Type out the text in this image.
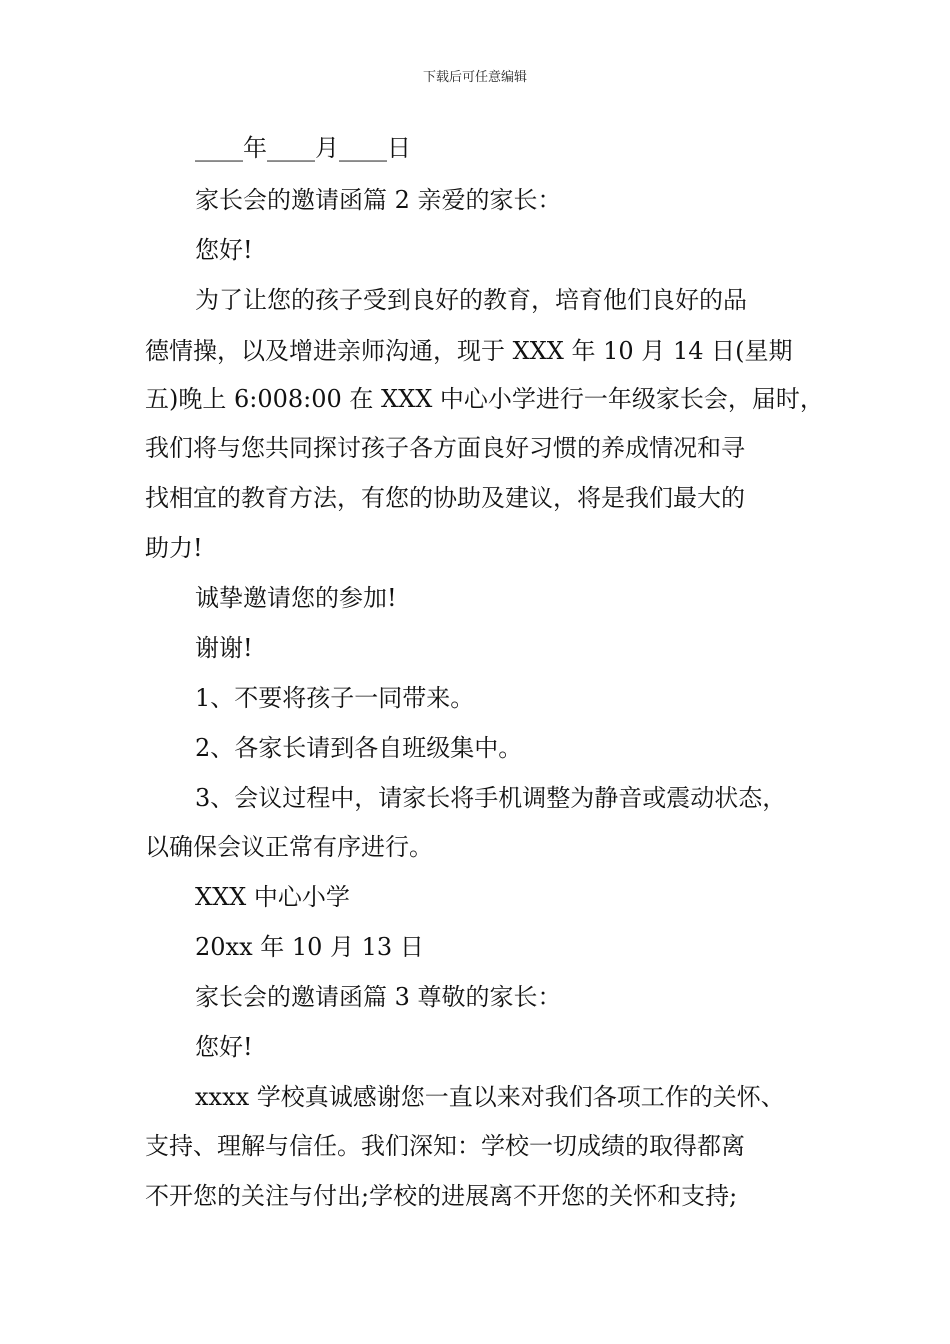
下载后可任意编辑
____年____月____日
家长会的邀请函篇 2 亲爱的家长：
您好!
为了让您的孩子受到良好的教育，培育他们良好的品
德情操，以及增进亲师沟通，现于 XXX 年 10 月 14 日(星期
五)晚上 6:008:00 在 XXX 中心小学进行一年级家长会，届时，
我们将与您共同探讨孩子各方面良好习惯的养成情况和寻
找相宜的教育方法，有您的协助及建议，将是我们最大的
助力!
诚挚邀请您的参加!
谢谢!
1、不要将孩子一同带来。
2、各家长请到各自班级集中。
3、会议过程中，请家长将手机调整为静音或震动状态，
以确保会议正常有序进行。
XXX 中心小学
20xx 年 10 月 13 日
家长会的邀请函篇 3 尊敬的家长：
您好!
xxxx 学校真诚感谢您一直以来对我们各项工作的关怀、
支持、理解与信任。我们深知：学校一切成绩的取得都离
不开您的关注与付出;学校的进展离不开您的关怀和支持;
